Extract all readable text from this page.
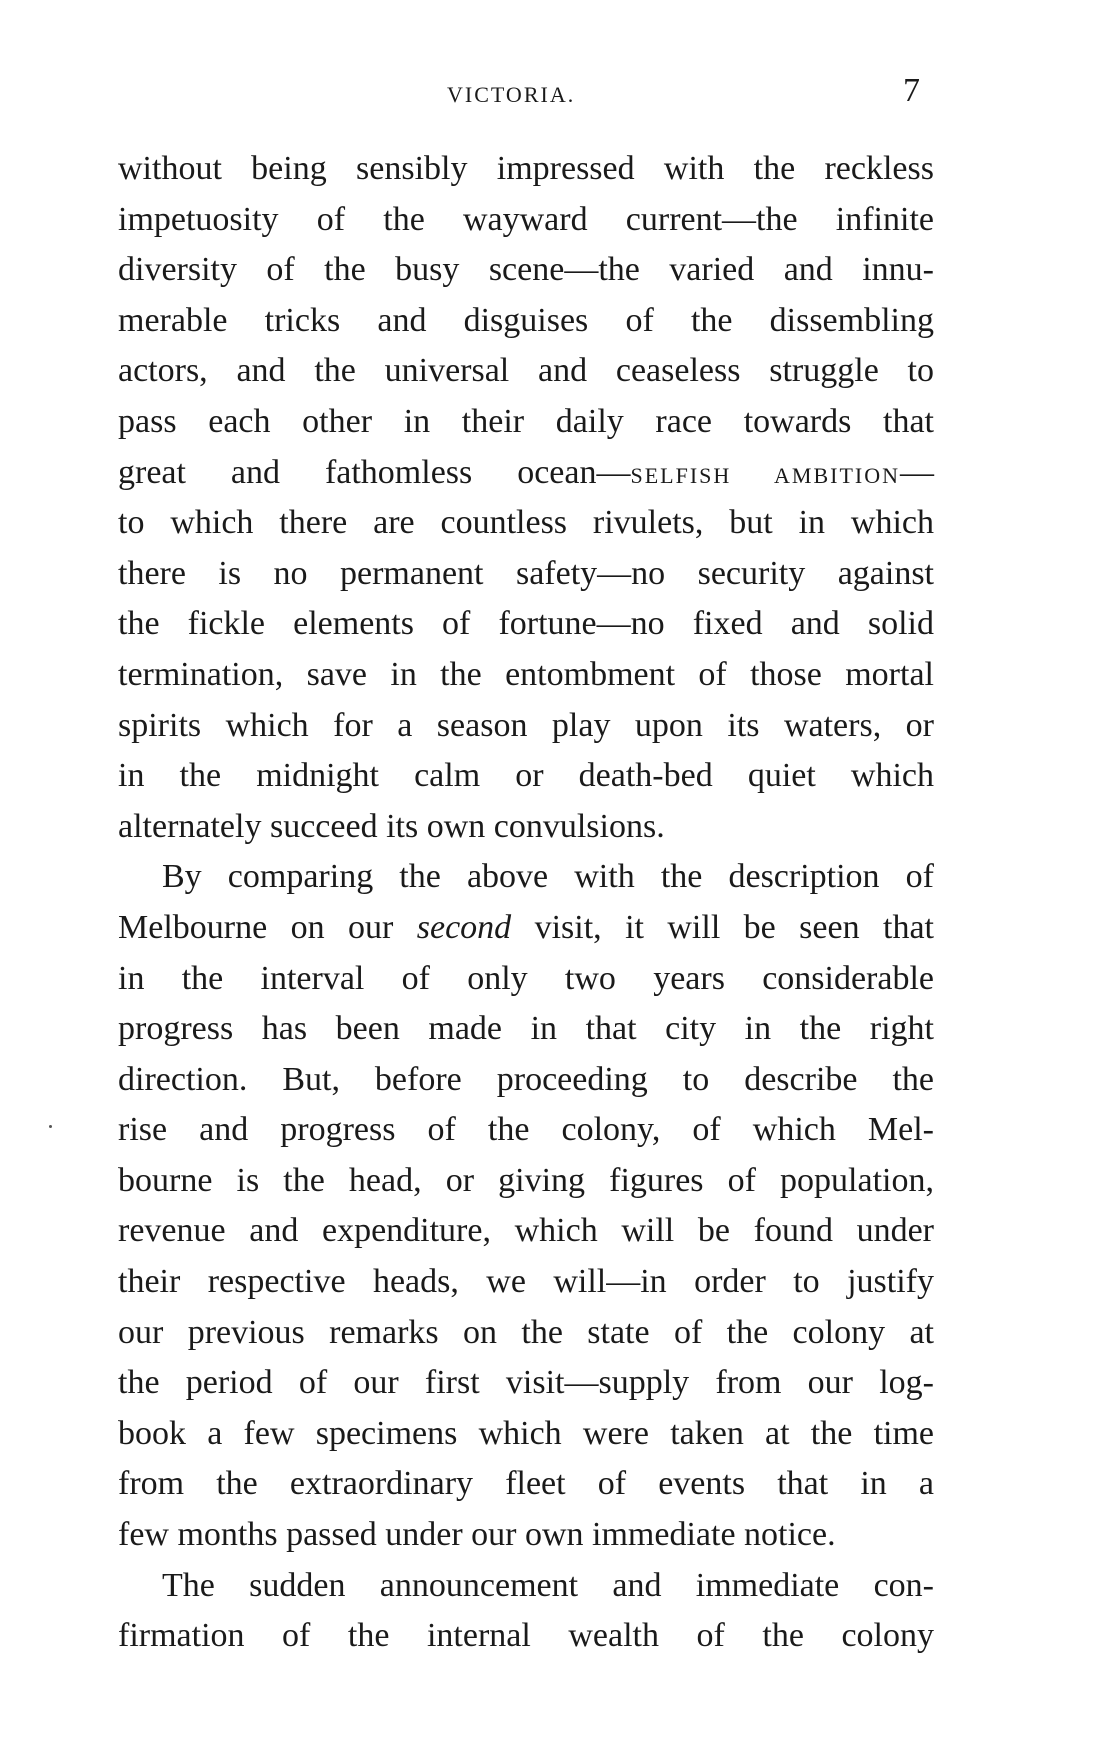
VICTORIA.	7
without being sensibly impressed with the reckless
impetuosity of the wayward current—the infinite
diversity of the busy scene—the varied and innu-
merable tricks and disguises of the dissembling
actors, and the universal and ceaseless struggle to
pass each other in their daily race towards that
great and fathomless ocean—SELFISH AMBITION—
to which there are countless rivulets, but in which
there is no permanent safety—no security against
the fickle elements of fortune—no fixed and solid
termination, save in the entombment of those mortal
spirits which for a season play upon its waters, or
in the midnight calm or death-bed quiet which
alternately succeed its own convulsions.
By comparing the above with the description of
Melbourne on our second visit, it will be seen that
in the interval of only two years considerable
progress has been made in that city in the right
direction. But, before proceeding to describe the
rise and progress of the colony, of which Mel-
bourne is the head, or giving figures of population,
revenue and expenditure, which will be found under
their respective heads, we will—in order to justify
our previous remarks on the state of the colony at
the period of our first visit—supply from our log-
book a few specimens which were taken at the time
from the extraordinary fleet of events that in a
few months passed under our own immediate notice.
The sudden announcement and immediate con-
firmation of the internal wealth of the colony
